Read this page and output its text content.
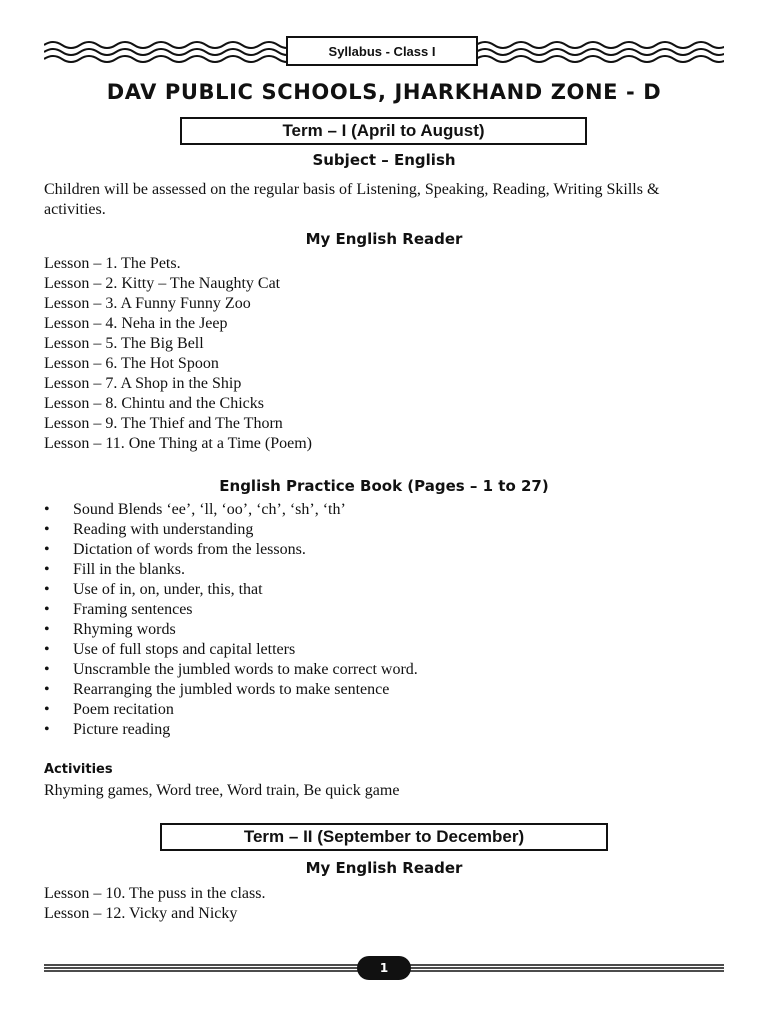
Syllabus - Class I
DAV PUBLIC SCHOOLS, JHARKHAND ZONE - D
Term – I (April to August)
Subject – English
Children will be assessed on the regular basis of Listening, Speaking, Reading, Writing Skills & activities.
My English Reader
Lesson – 1. The Pets.
Lesson – 2. Kitty – The Naughty Cat
Lesson – 3. A Funny Funny Zoo
Lesson – 4. Neha in the Jeep
Lesson – 5. The Big Bell
Lesson – 6. The Hot Spoon
Lesson – 7. A Shop in the Ship
Lesson – 8. Chintu and the Chicks
Lesson – 9. The Thief and The Thorn
Lesson – 11. One Thing at a Time (Poem)
English Practice Book (Pages – 1 to 27)
• Sound Blends ‘ee’, ‘ll, ‘oo’, ‘ch’, ‘sh’, ‘th’
• Reading with understanding
• Dictation of words from the lessons.
• Fill in the blanks.
• Use of in, on, under, this, that
• Framing sentences
• Rhyming words
• Use of full stops and capital letters
• Unscramble the jumbled words to make correct word.
• Rearranging the jumbled words to make sentence
• Poem recitation
• Picture reading
Activities
Rhyming games, Word tree, Word train, Be quick game
Term – II (September to December)
My English Reader
Lesson – 10. The puss in the class.
Lesson – 12. Vicky and Nicky
1
